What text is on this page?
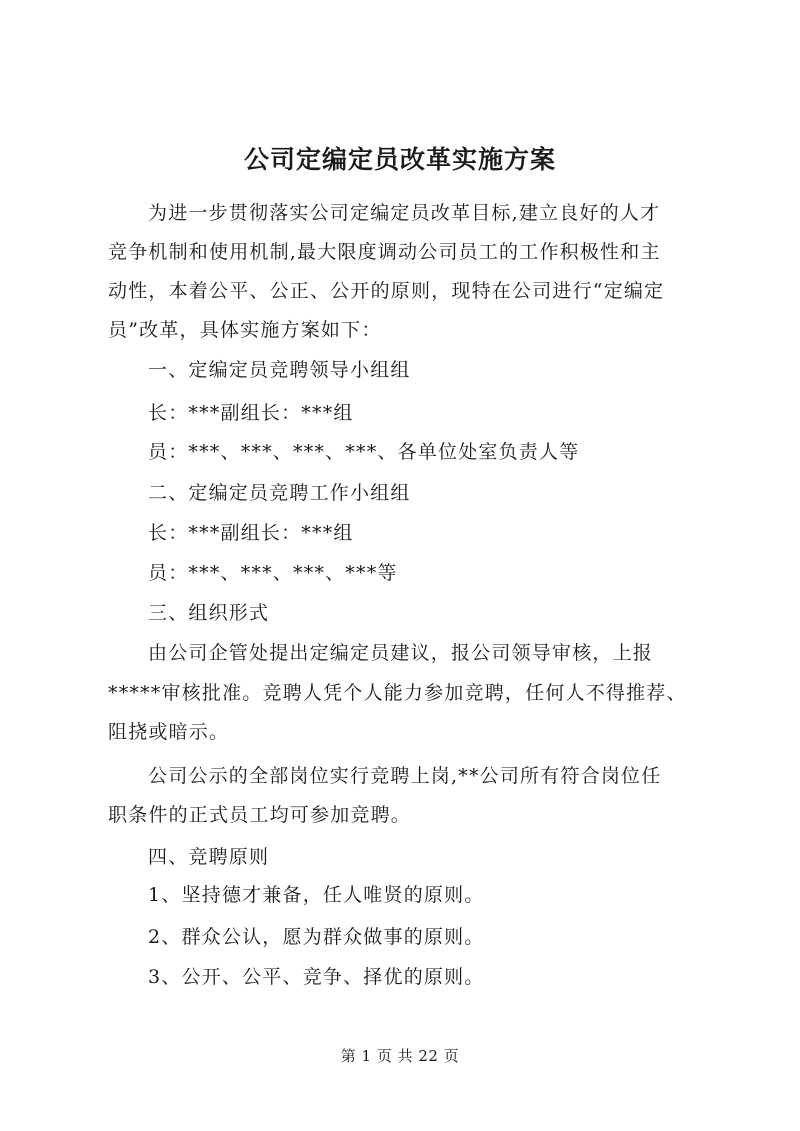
公司定编定员改革实施方案
为进一步贯彻落实公司定编定员改革目标,建立良好的人才
竞争机制和使用机制,最大限度调动公司员工的工作积极性和主
动性，本着公平、公正、公开的原则，现特在公司进行“定编定
员”改革，具体实施方案如下：
一、定编定员竞聘领导小组组
长：***副组长：***组
员：***、***、***、***、各单位处室负责人等
二、定编定员竞聘工作小组组
长：***副组长：***组
员：***、***、***、***等
三、组织形式
由公司企管处提出定编定员建议，报公司领导审核，上报
*****审核批准。竞聘人凭个人能力参加竞聘，任何人不得推荐、
阻挠或暗示。
公司公示的全部岗位实行竞聘上岗,**公司所有符合岗位任
职条件的正式员工均可参加竞聘。
四、竞聘原则
1、坚持德才兼备，任人唯贤的原则。
2、群众公认，愿为群众做事的原则。
3、公开、公平、竞争、择优的原则。
第 1 页 共 22 页
